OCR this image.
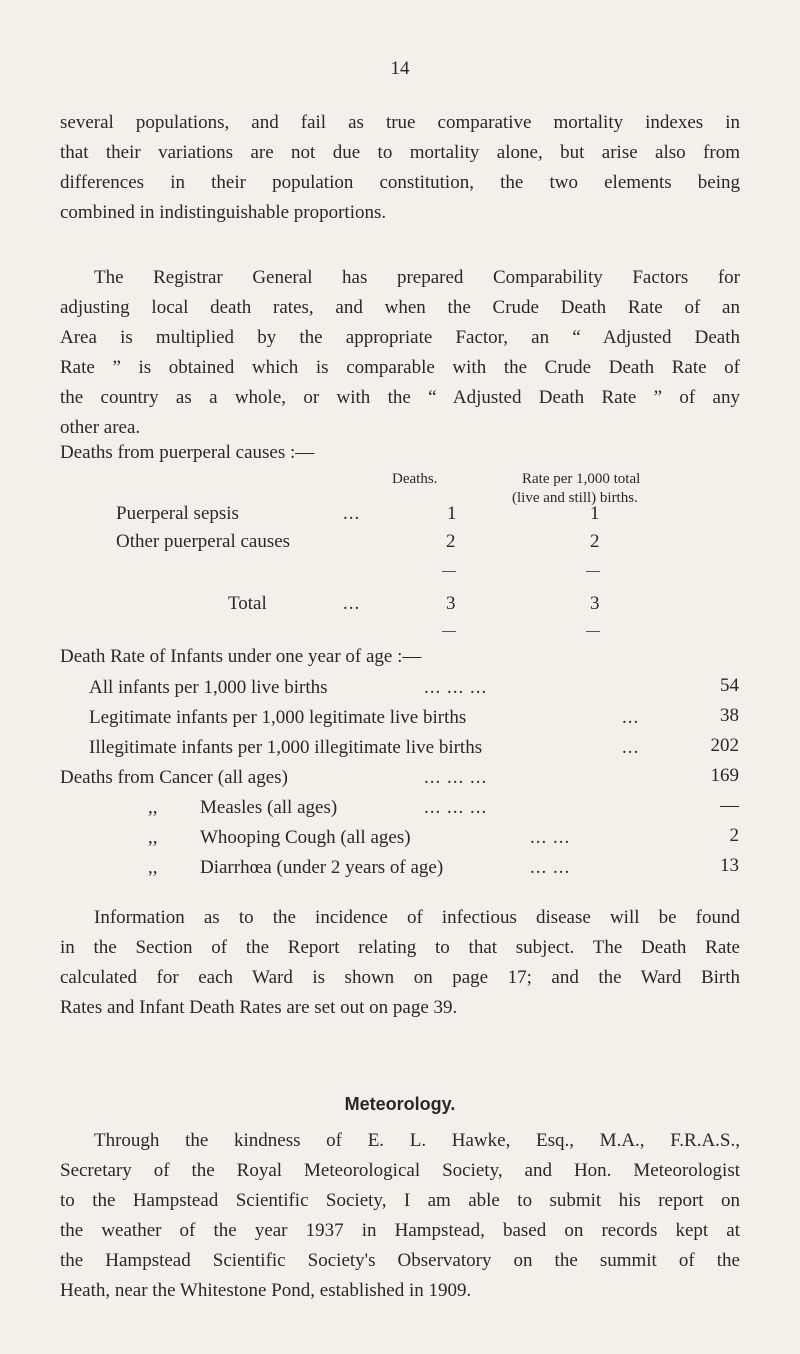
14
several populations, and fail as true comparative mortality indexes in
that their variations are not due to mortality alone, but arise also from
differences in their population constitution, the two elements being
combined in indistinguishable proportions.
The Registrar General has prepared Comparability Factors for
adjusting local death rates, and when the Crude Death Rate of an
Area is multiplied by the appropriate Factor, an “ Adjusted Death
Rate ” is obtained which is comparable with the Crude Death Rate of
the country as a whole, or with the “ Adjusted Death Rate ” of any
other area.
Deaths from puerperal causes :—
Deaths.	Rate per 1,000 total
(live and still) births.
Puerperal sepsis	...	1	1
Other puerperal causes	2	2
Total	...	3	3
Death Rate of Infants under one year of age :—
All infants per 1,000 live births	... ... ...	54
Legitimate infants per 1,000 legitimate live births	...	38
Illegitimate infants per 1,000 illegitimate live births	...	202
Deaths from Cancer (all ages)	... ... ...	169
,, Measles (all ages)	... ... ...	—
,, Whooping Cough (all ages)	... ...	2
,, Diarrhœa (under 2 years of age)	... ...	13
Information as to the incidence of infectious disease will be found
in the Section of the Report relating to that subject. The Death Rate
calculated for each Ward is shown on page 17; and the Ward Birth
Rates and Infant Death Rates are set out on page 39.
Meteorology.
Through the kindness of E. L. Hawke, Esq., M.A., F.R.A.S.,
Secretary of the Royal Meteorological Society, and Hon. Meteorologist
to the Hampstead Scientific Society, I am able to submit his report on
the weather of the year 1937 in Hampstead, based on records kept at
the Hampstead Scientific Society's Observatory on the summit of the
Heath, near the Whitestone Pond, established in 1909.
